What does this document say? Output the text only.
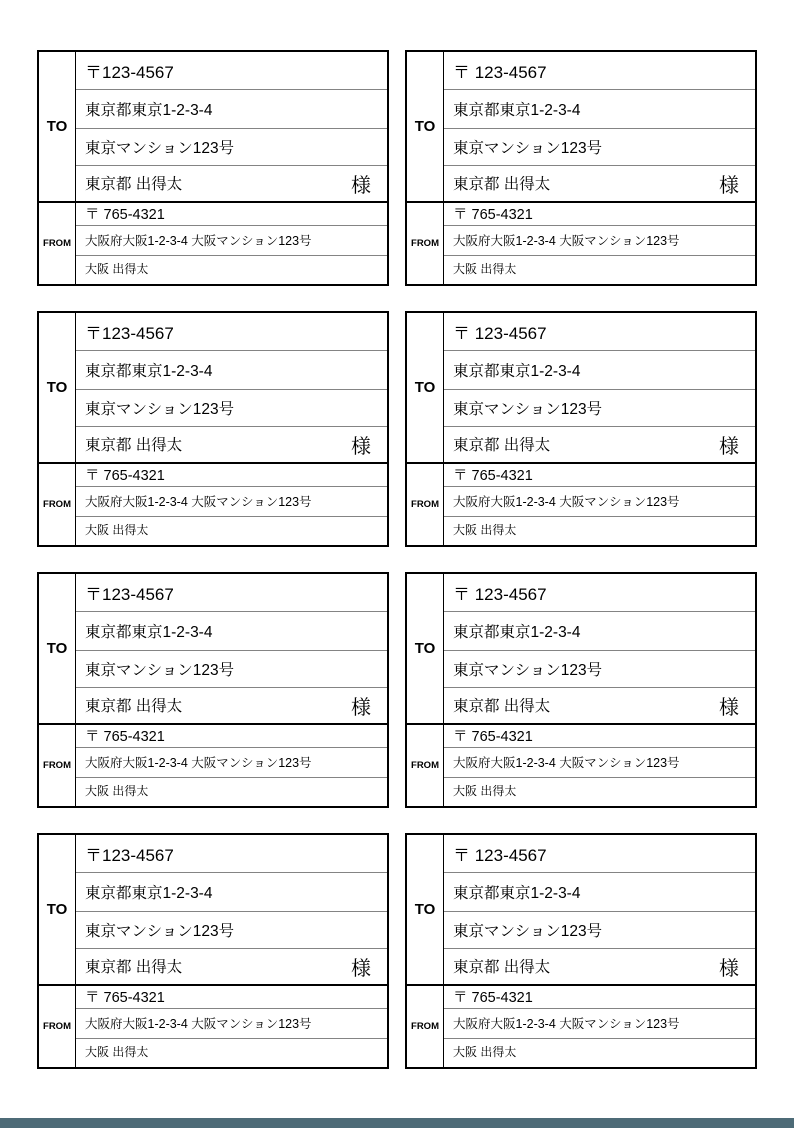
TO
〒123-4567
東京都東京1-2-3-4
東京マンション123号
東京都 出得太	様
FROM
〒 765-4321
大阪府大阪1-2-3-4 大阪マンション123号
大阪 出得太
TO
〒 123-4567
東京都東京1-2-3-4
東京マンション123号
東京都 出得太	様
FROM
〒 765-4321
大阪府大阪1-2-3-4 大阪マンション123号
大阪 出得太
TO
〒123-4567
東京都東京1-2-3-4
東京マンション123号
東京都 出得太	様
FROM
〒 765-4321
大阪府大阪1-2-3-4 大阪マンション123号
大阪 出得太
TO
〒 123-4567
東京都東京1-2-3-4
東京マンション123号
東京都 出得太	様
FROM
〒 765-4321
大阪府大阪1-2-3-4 大阪マンション123号
大阪 出得太
TO
〒123-4567
東京都東京1-2-3-4
東京マンション123号
東京都 出得太	様
FROM
〒 765-4321
大阪府大阪1-2-3-4 大阪マンション123号
大阪 出得太
TO
〒 123-4567
東京都東京1-2-3-4
東京マンション123号
東京都 出得太	様
FROM
〒 765-4321
大阪府大阪1-2-3-4 大阪マンション123号
大阪 出得太
TO
〒123-4567
東京都東京1-2-3-4
東京マンション123号
東京都 出得太	様
FROM
〒 765-4321
大阪府大阪1-2-3-4 大阪マンション123号
大阪 出得太
TO
〒 123-4567
東京都東京1-2-3-4
東京マンション123号
東京都 出得太	様
FROM
〒 765-4321
大阪府大阪1-2-3-4 大阪マンション123号
大阪 出得太
